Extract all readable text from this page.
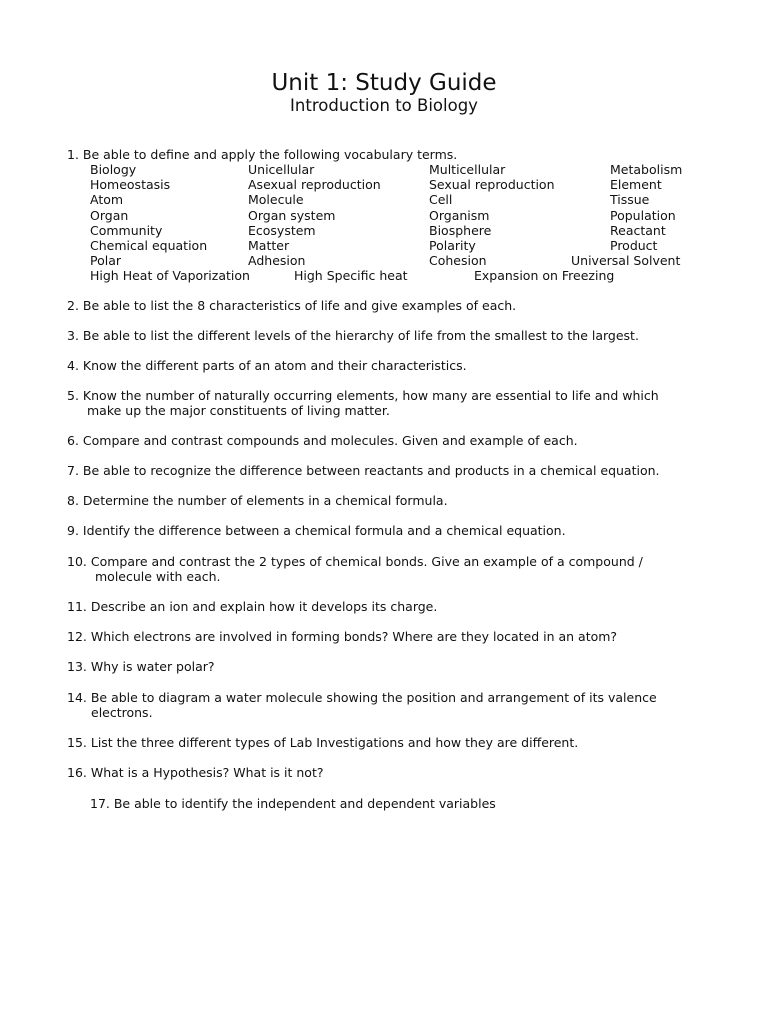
Unit 1: Study Guide
Introduction to Biology
1. Be able to define and apply the following vocabulary terms.
Biology	Unicellular	Multicellular	Metabolism
Homeostasis	Asexual reproduction	Sexual reproduction	Element
Atom	Molecule	Cell	Tissue
Organ	Organ system	Organism	Population
Community	Ecosystem	Biosphere	Reactant
Chemical equation	Matter	Polarity	Product
Polar	Adhesion	Cohesion	Universal Solvent
High Heat of Vaporization	High Specific heat	Expansion on Freezing
2. Be able to list the 8 characteristics of life and give examples of each.
3. Be able to list the different levels of the hierarchy of life from the smallest to the largest.
4. Know the different parts of an atom and their characteristics.
5. Know the number of naturally occurring elements, how many are essential to life and which
make up the major constituents of living matter.
6. Compare and contrast compounds and molecules. Given and example of each.
7. Be able to recognize the difference between reactants and products in a chemical equation.
8. Determine the number of elements in a chemical formula.
9. Identify the difference between a chemical formula and a chemical equation.
10. Compare and contrast the 2 types of chemical bonds. Give an example of a compound /
molecule with each.
11. Describe an ion and explain how it develops its charge.
12. Which electrons are involved in forming bonds? Where are they located in an atom?
13. Why is water polar?
14. Be able to diagram a water molecule showing the position and arrangement of its valence
electrons.
15. List the three different types of Lab Investigations and how they are different.
16. What is a Hypothesis? What is it not?
17. Be able to identify the independent and dependent variables
